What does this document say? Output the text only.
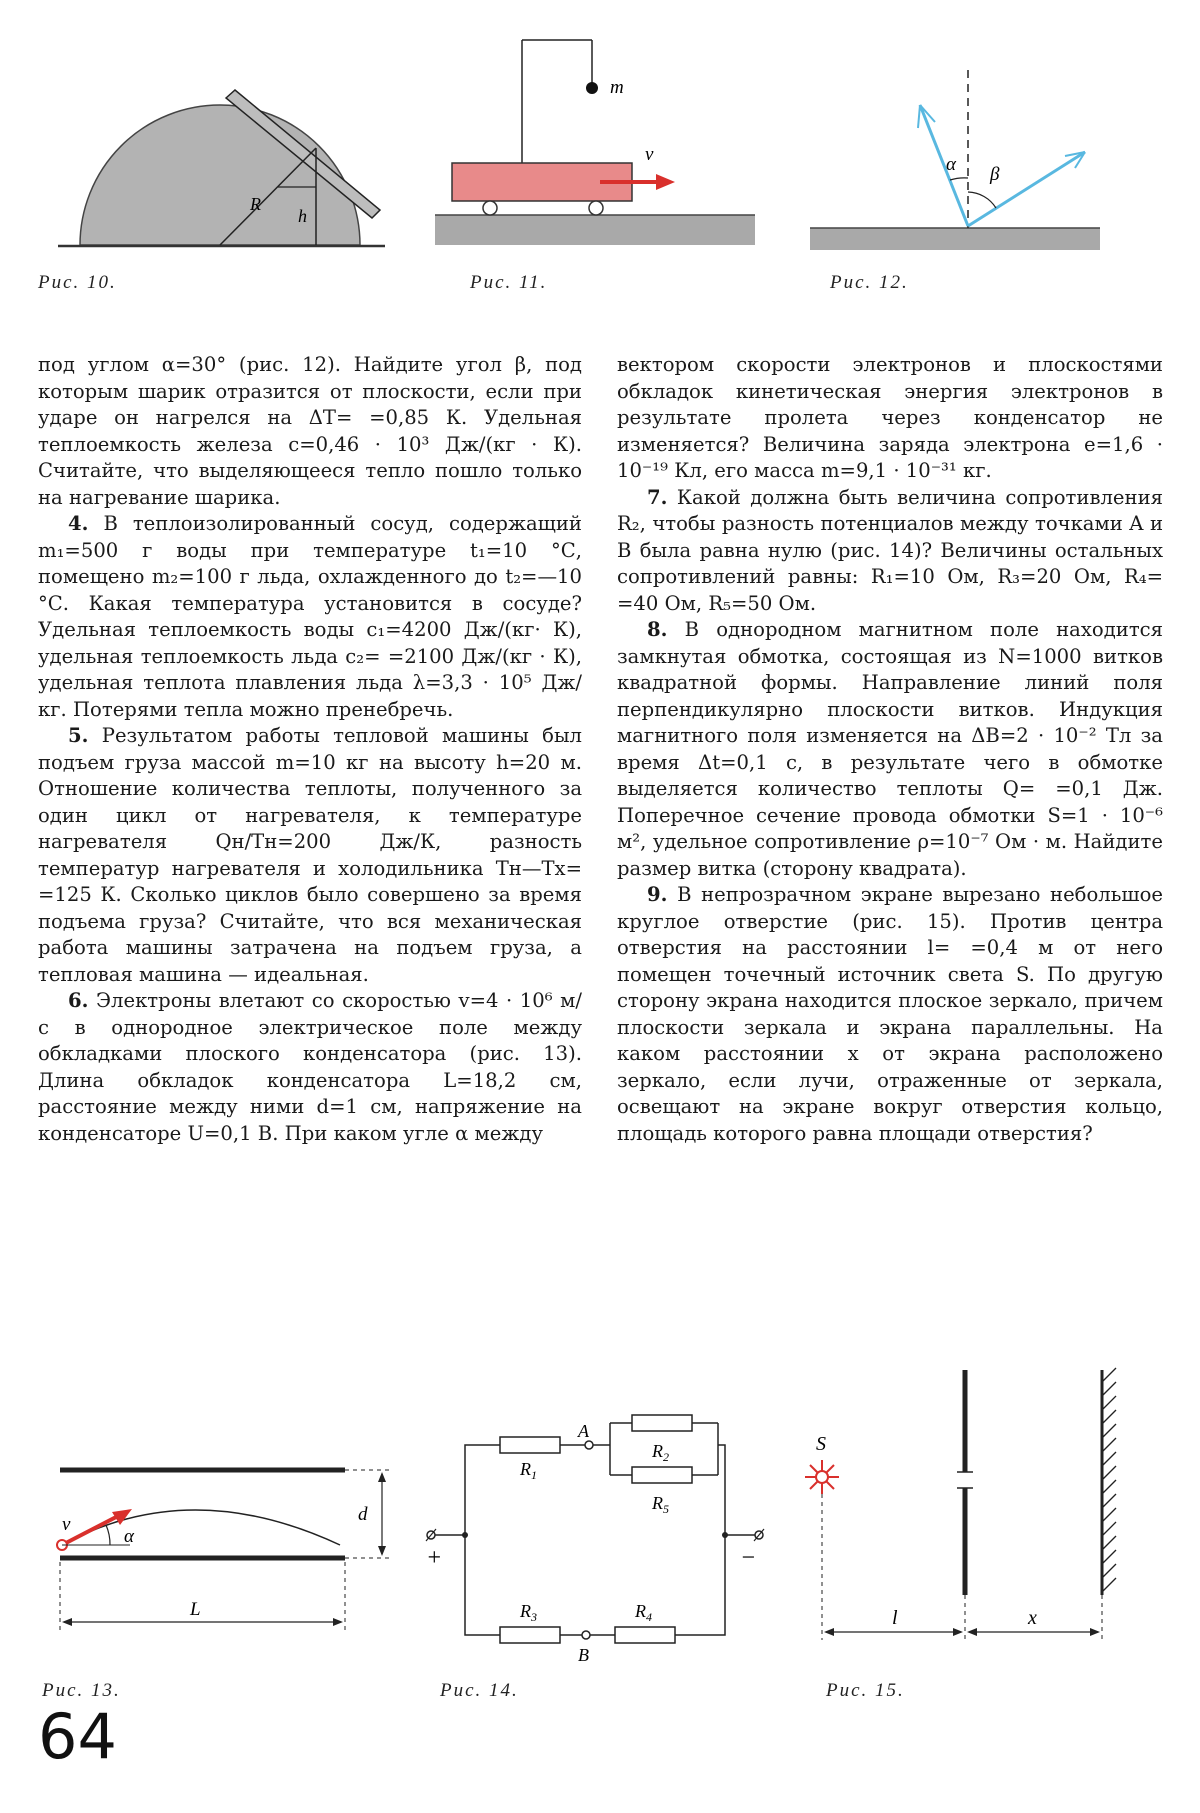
R
h
Рис. 10.
m
v
Рис. 11.
α β
Рис. 12.

под углом α=30° (рис. 12). Найдите угол β, под которым шарик отразится от плоскости, если при ударе он нагрелся на ΔT= =0,85 К. Удельная теплоемкость железа c=0,46 · 10³ Дж/(кг · К). Считайте, что выделяющееся тепло пошло только на нагревание шарика.

4. В теплоизолированный сосуд, содержащий m₁=500 г воды при температуре t₁=10 °С, помещено m₂=100 г льда, охлажденного до t₂=—10 °С. Какая температура установится в сосуде? Удельная теплоемкость воды c₁=4200 Дж/(кг· К), удельная теплоемкость льда c₂= =2100 Дж/(кг · К), удельная теплота плавления льда λ=3,3 · 10⁵ Дж/кг. Потерями тепла можно пренебречь.

5. Результатом работы тепловой машины был подъем груза массой m=10 кг на высоту h=20 м. Отношение количества теплоты, полученного за один цикл от нагревателя, к температуре нагревателя Qн/Tн=200 Дж/К, разность температур нагревателя и холодильника Tн—Tх= =125 К. Сколько циклов было совершено за время подъема груза? Считайте, что вся механическая работа машины затрачена на подъем груза, а тепловая машина — идеальная.

6. Электроны влетают со скоростью v=4 · 10⁶ м/с в однородное электрическое поле между обкладками плоского конденсатора (рис. 13). Длина обкладок конденсатора L=18,2 см, расстояние между ними d=1 см, напряжение на конденсаторе U=0,1 В. При каком угле α между

вектором скорости электронов и плоскостями обкладок кинетическая энергия электронов в результате пролета через конденсатор не изменяется? Величина заряда электрона e=1,6 · 10⁻¹⁹ Кл, его масса m=9,1 · 10⁻³¹ кг.

7. Какой должна быть величина сопротивления R₂, чтобы разность потенциалов между точками A и B была равна нулю (рис. 14)? Величины остальных сопротивлений равны: R₁=10 Ом, R₃=20 Ом, R₄= =40 Ом, R₅=50 Ом.

8. В однородном магнитном поле находится замкнутая обмотка, состоящая из N=1000 витков квадратной формы. Направление линий поля перпендикулярно плоскости витков. Индукция магнитного поля изменяется на ΔB=2 · 10⁻² Тл за время Δt=0,1 с, в результате чего в обмотке выделяется количество теплоты Q= =0,1 Дж. Поперечное сечение провода обмотки S=1 · 10⁻⁶ м², удельное сопротивление ρ=10⁻⁷ Ом · м. Найдите размер витка (сторону квадрата).

9. В непрозрачном экране вырезано небольшое круглое отверстие (рис. 15). Против центра отверстия на расстоянии l= =0,4 м от него помещен точечный источник света S. По другую сторону экрана находится плоское зеркало, причем плоскости зеркала и экрана параллельны. На каком расстоянии x от экрана расположено зеркало, если лучи, отраженные от зеркала, освещают на экране вокруг отверстия кольцо, площадь которого равна площади отверстия?

v
α
d
L
Рис. 13.
A
B
$R_1$
$R_2$
$R_5$
$R_3$	$R_4$
+	−
Рис. 14.
S
l	x
Рис. 15.
64
